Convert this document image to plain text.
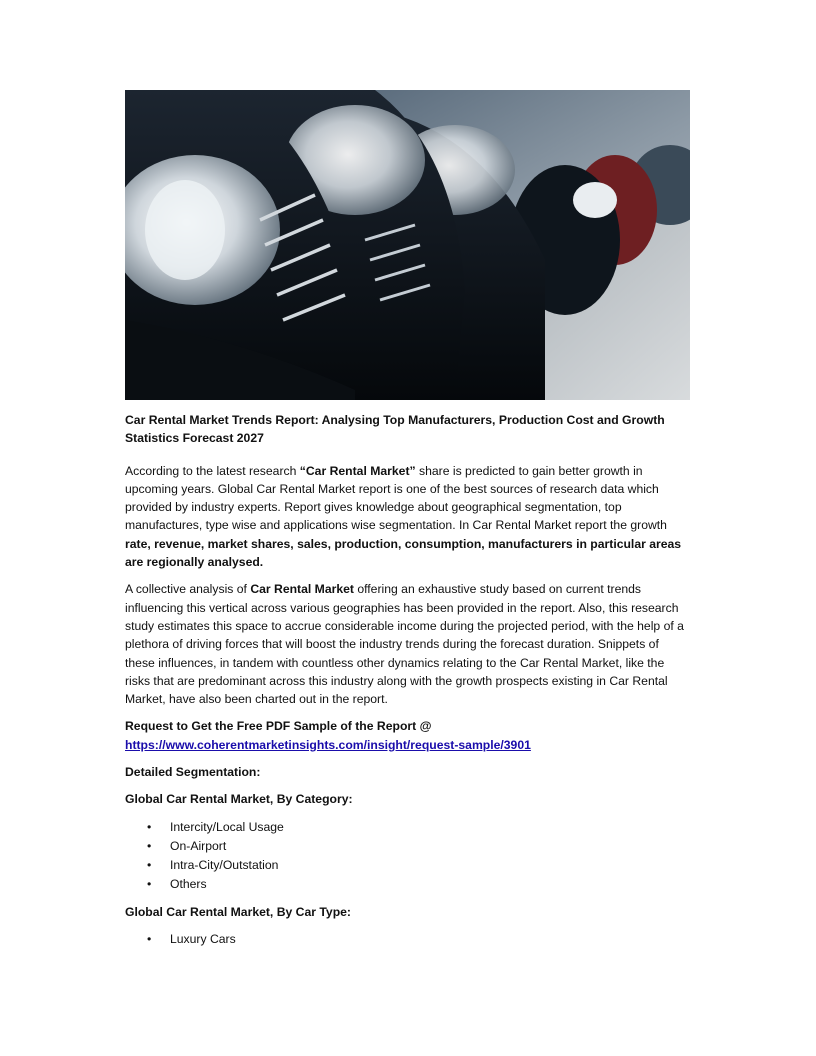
Car Rental Market Trends Report: Analysing Top Manufacturers, Production Cost and Growth Statistics Forecast 2027

According to the latest research “Car Rental Market” share is predicted to gain better growth in upcoming years. Global Car Rental Market report is one of the best sources of research data which provided by industry experts. Report gives knowledge about geographical segmentation, top manufactures, type wise and applications wise segmentation. In Car Rental Market report the growth rate, revenue, market shares, sales, production, consumption, manufacturers in particular areas are regionally analysed.

A collective analysis of Car Rental Market offering an exhaustive study based on current trends influencing this vertical across various geographies has been provided in the report. Also, this research study estimates this space to accrue considerable income during the projected period, with the help of a plethora of driving forces that will boost the industry trends during the forecast duration. Snippets of these influences, in tandem with countless other dynamics relating to the Car Rental Market, like the risks that are predominant across this industry along with the growth prospects existing in Car Rental Market, have also been charted out in the report.

Request to Get the Free PDF Sample of the Report @
https://www.coherentmarketinsights.com/insight/request-sample/3901

Detailed Segmentation:

Global Car Rental Market, By Category:

• Intercity/Local Usage
• On-Airport
• Intra-City/Outstation
• Others

Global Car Rental Market, By Car Type:

• Luxury Cars
